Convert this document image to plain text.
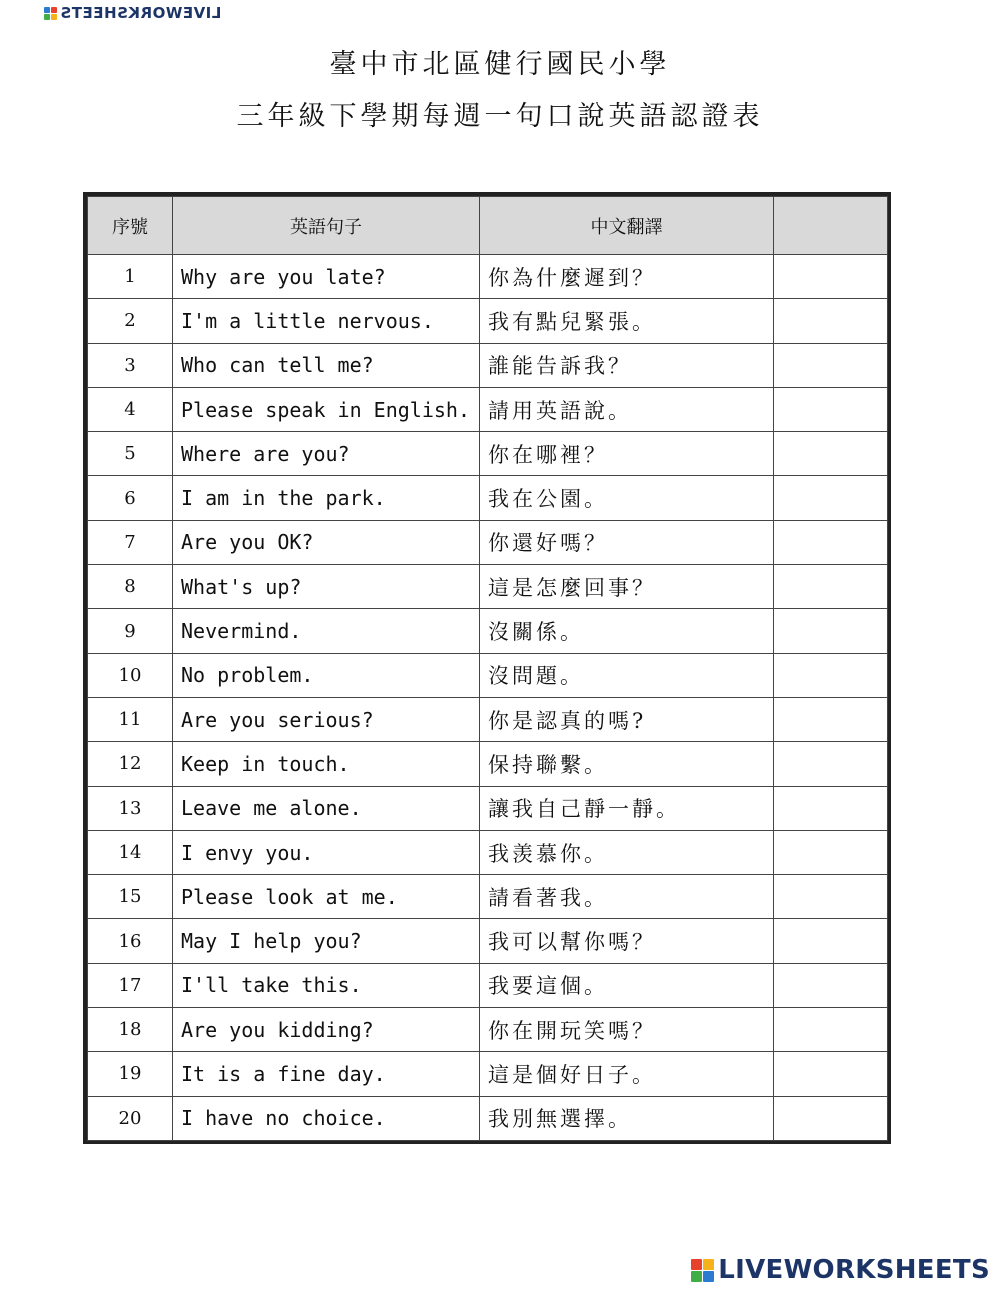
LIVEWORKSHEETS
臺中市北區健行國民小學
三年級下學期每週一句口說英語認證表
序號	英語句子	中文翻譯	
1	Why are you late?	你為什麼遲到？	
2	I'm a little nervous.	我有點兒緊張。	
3	Who can tell me?	誰能告訴我？	
4	Please speak in English.	請用英語說。	
5	Where are you?	你在哪裡？	
6	I am in the park.	我在公園。	
7	Are you OK?	你還好嗎？	
8	What's up?	這是怎麼回事？	
9	Nevermind.	沒關係。	
10	No problem.	沒問題。	
11	Are you serious?	你是認真的嗎?	
12	Keep in touch.	保持聯繫。	
13	Leave me alone.	讓我自己靜一靜。	
14	I envy you.	我羡慕你。	
15	Please look at me.	請看著我。	
16	May I help you?	我可以幫你嗎？	
17	I'll take this.	我要這個。	
18	Are you kidding?	你在開玩笑嗎？	
19	It is a fine day.	這是個好日子。	
20	I have no choice.	我別無選擇。	
LIVEWORKSHEETS
